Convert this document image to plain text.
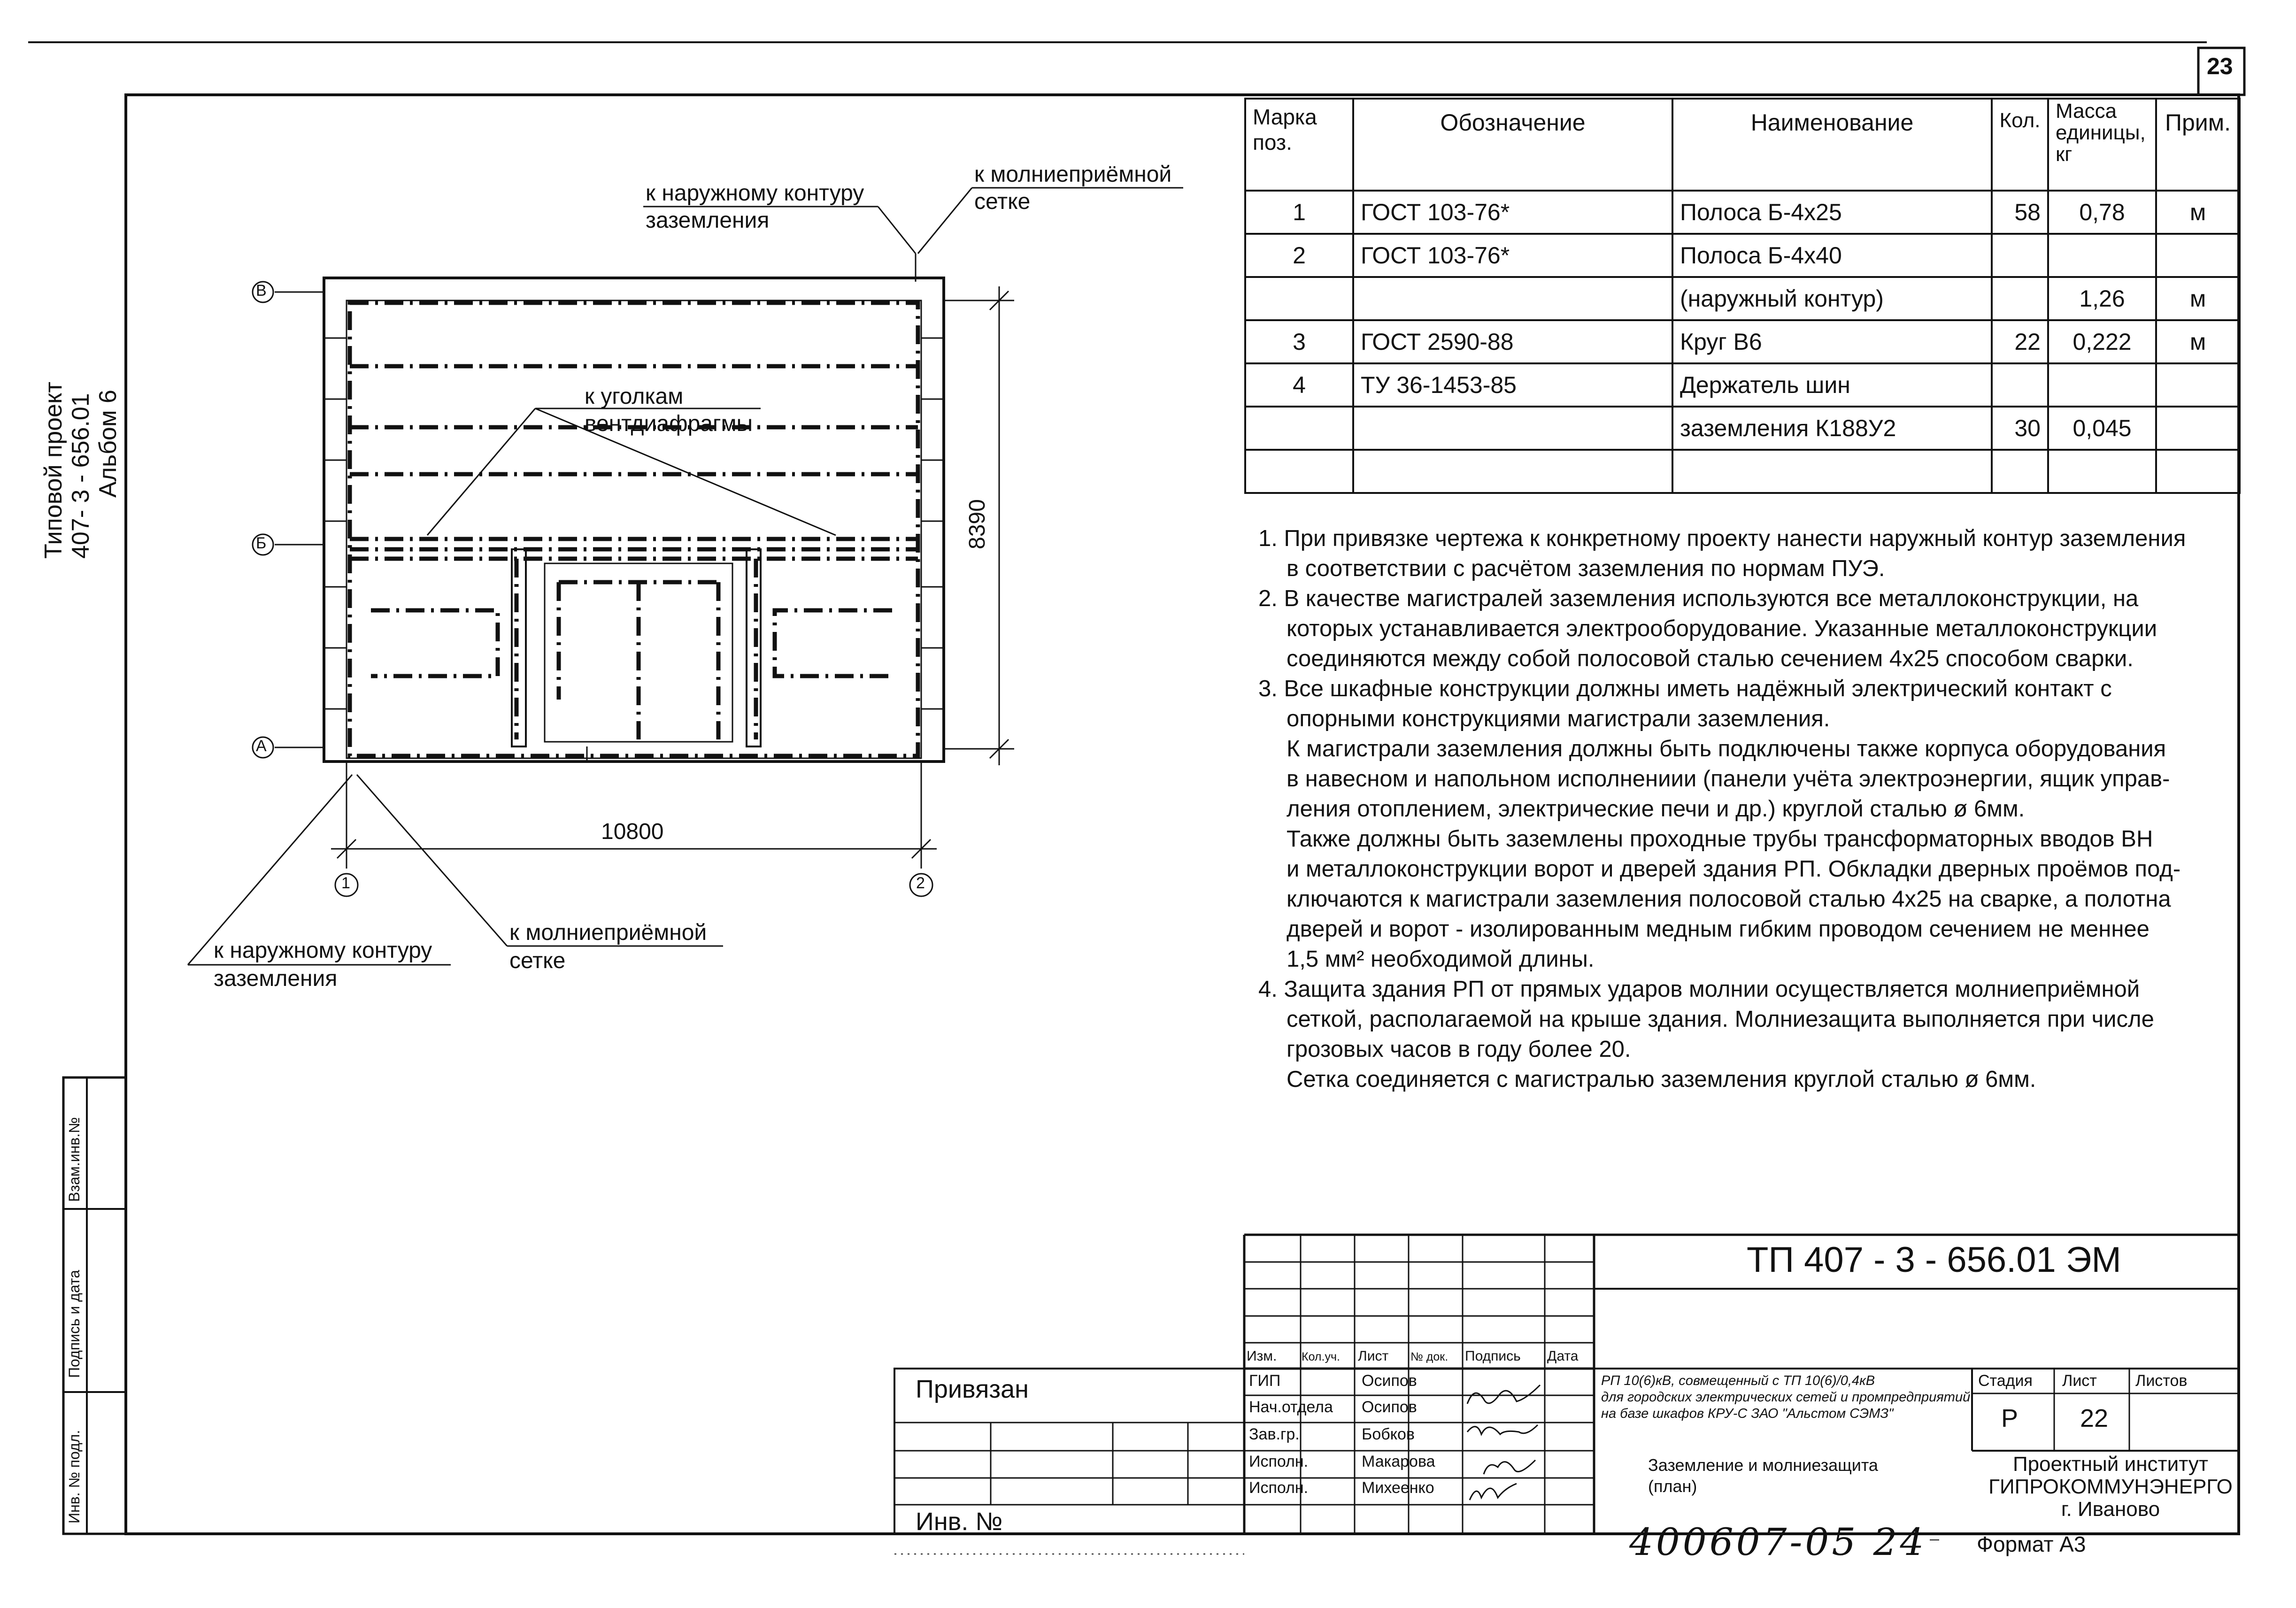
23
Типовой проект 407- 3 - 656.01 Альбом 6
Взам.инв.№
Подпись и дата
Инв. № подл.
В
Б
А
1	2
10800
8390
к наружному контуру
заземления
к молниеприёмной
сетке
к уголкам
вентдиафрагмы
к наружному контуру
заземления
к молниеприёмной
сетке
Марка поз.	Обозначение	Наименование	Кол.	Масса единицы, кг	Прим.
1	ГОСТ 103-76*	Полоса Б-4х25	58	0,78	м
2	ГОСТ 103-76*	Полоса Б-4х40			
		(наружный контур)		1,26	м
3	ГОСТ 2590-88	Круг В6	22	0,222	м
4	ТУ 36-1453-85	Держатель шин			
		заземления К188У2	30	0,045	

1. При привязке чертежа к конкретному проекту нанести наружный контур заземления

в соответствии с расчётом заземления по нормам ПУЭ.

2. В качестве магистралей заземления используются все металлоконструкции, на

которых устанавливается электрооборудование. Указанные металлоконструкции

соединяются между собой полосовой сталью сечением 4х25 способом сварки.

3. Все шкафные конструкции должны иметь надёжный электрический контакт с

опорными конструкциями магистрали заземления.

К магистрали заземления должны быть подключены также корпуса оборудования

в навесном и напольном исполнениии (панели учёта электроэнергии, ящик управ-

ления отоплением, электрические печи и др.) круглой сталью ø 6мм.

Также должны быть заземлены проходные трубы трансформаторных вводов ВН

и металлоконструкции ворот и дверей здания РП. Обкладки дверных проёмов под-

ключаются к магистрали заземления полосовой сталью 4х25 на сварке, а полотна

дверей и ворот - изолированным медным гибким проводом сечением не меннее

1,5 мм² необходимой длины.

4. Защита здания РП от прямых ударов молнии осуществляется молниеприёмной

сеткой, располагаемой на крыше здания. Молниезащита выполняется при числе

грозовых часов в году более 20.

Сетка соединяется с магистралью заземления круглой сталью ø 6мм.

ТП 407 - 3 - 656.01 ЭМ
Изм. Кол.уч. Лист № док. Подпись Дата
ГИП	Осипов
Нач.отдела Осипов
Зав.гр.	Бобков
Исполн.	Макарова
Исполн.	Михеенко
РП 10(6)кВ, совмещенный с ТП 10(6)/0,4кВ
для городских электрических сетей и промпредприятий
на базе шкафов КРУ-С ЗАО "Альстом СЭМЗ"
Заземление и молниезащита
(план)
Стадия Лист Листов
Р 22
Проектный институт
ГИПРОКОММУНЭНЕРГО
г. Иваново
Привязан
Инв. №
Формат А3
400607-05 24
